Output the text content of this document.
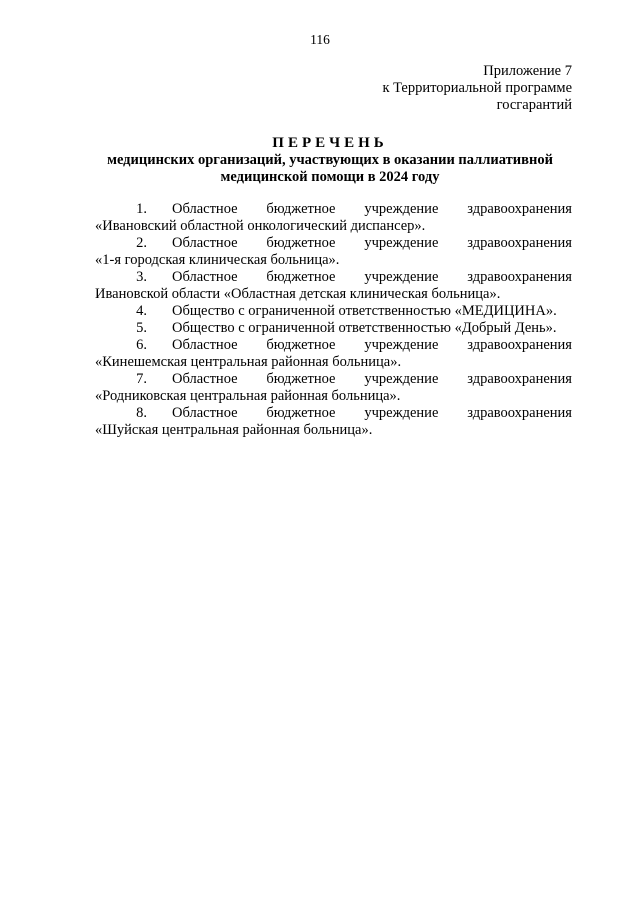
116
Приложение 7
к Территориальной программе
госгарантий
ПЕРЕЧЕНЬ
медицинских организаций, участвующих в оказании паллиативной
медицинской помощи в 2024 году
1. Областное бюджетное учреждение здравоохранения
«Ивановский областной онкологический диспансер».
2. Областное бюджетное учреждение здравоохранения
«1-я городская клиническая больница».
3. Областное бюджетное учреждение здравоохранения
Ивановской области «Областная детская клиническая больница».
4. Общество с ограниченной ответственностью «МЕДИЦИНА».
5. Общество с ограниченной ответственностью «Добрый День».
6. Областное бюджетное учреждение здравоохранения
«Кинешемская центральная районная больница».
7. Областное бюджетное учреждение здравоохранения
«Родниковская центральная районная больница».
8. Областное бюджетное учреждение здравоохранения
«Шуйская центральная районная больница».
